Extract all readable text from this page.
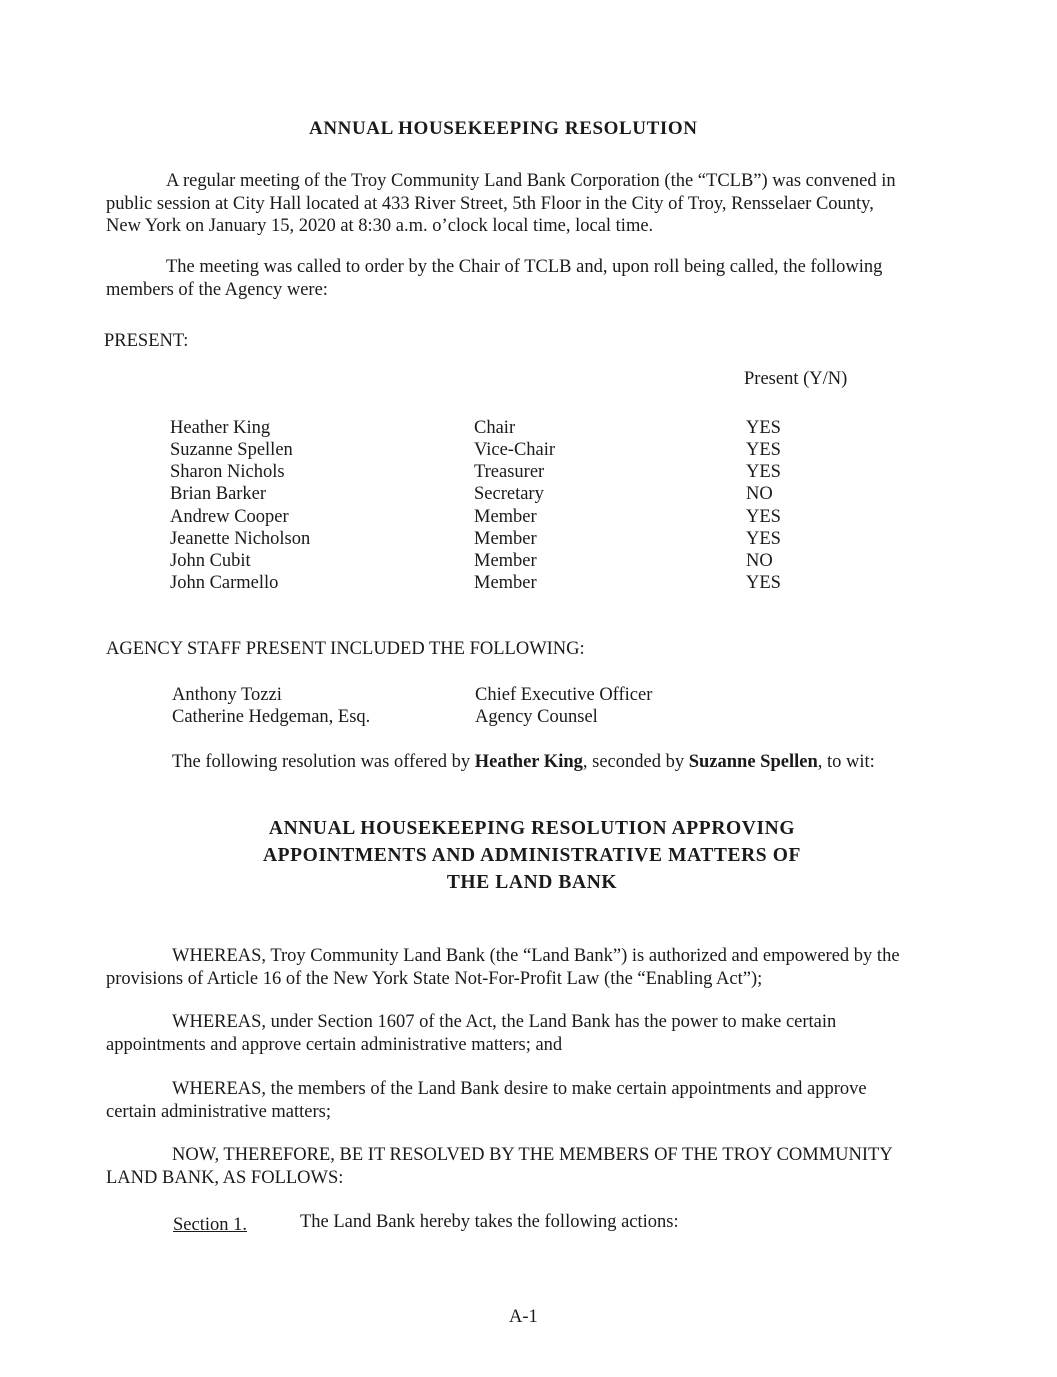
ANNUAL HOUSEKEEPING RESOLUTION
A regular meeting of the Troy Community Land Bank Corporation (the “TCLB”) was convened in
public session at City Hall located at 433 River Street, 5th Floor in the City of Troy, Rensselaer County,
New York on January 15, 2020 at 8:30 a.m. o’clock local time, local time.
The meeting was called to order by the Chair of TCLB and, upon roll being called, the following
members of the Agency were:
PRESENT:
Present (Y/N)
Heather King	Chair	YES
Suzanne Spellen	Vice-Chair	YES
Sharon Nichols	Treasurer	YES
Brian Barker	Secretary	NO
Andrew Cooper	Member	YES
Jeanette Nicholson	Member	YES
John Cubit	Member	NO
John Carmello	Member	YES
AGENCY STAFF PRESENT INCLUDED THE FOLLOWING:
Anthony Tozzi	Chief Executive Officer
Catherine Hedgeman, Esq.	Agency Counsel
The following resolution was offered by Heather King, seconded by Suzanne Spellen, to wit:
ANNUAL HOUSEKEEPING RESOLUTION APPROVING
APPOINTMENTS AND ADMINISTRATIVE MATTERS OF
THE LAND BANK
WHEREAS, Troy Community Land Bank (the “Land Bank”) is authorized and empowered by the
provisions of Article 16 of the New York State Not-For-Profit Law (the “Enabling Act”);
WHEREAS, under Section 1607 of the Act, the Land Bank has the power to make certain
appointments and approve certain administrative matters; and
WHEREAS, the members of the Land Bank desire to make certain appointments and approve
certain administrative matters;
NOW, THEREFORE, BE IT RESOLVED BY THE MEMBERS OF THE TROY COMMUNITY
LAND BANK, AS FOLLOWS:
Section 1.	The Land Bank hereby takes the following actions:
A-1
